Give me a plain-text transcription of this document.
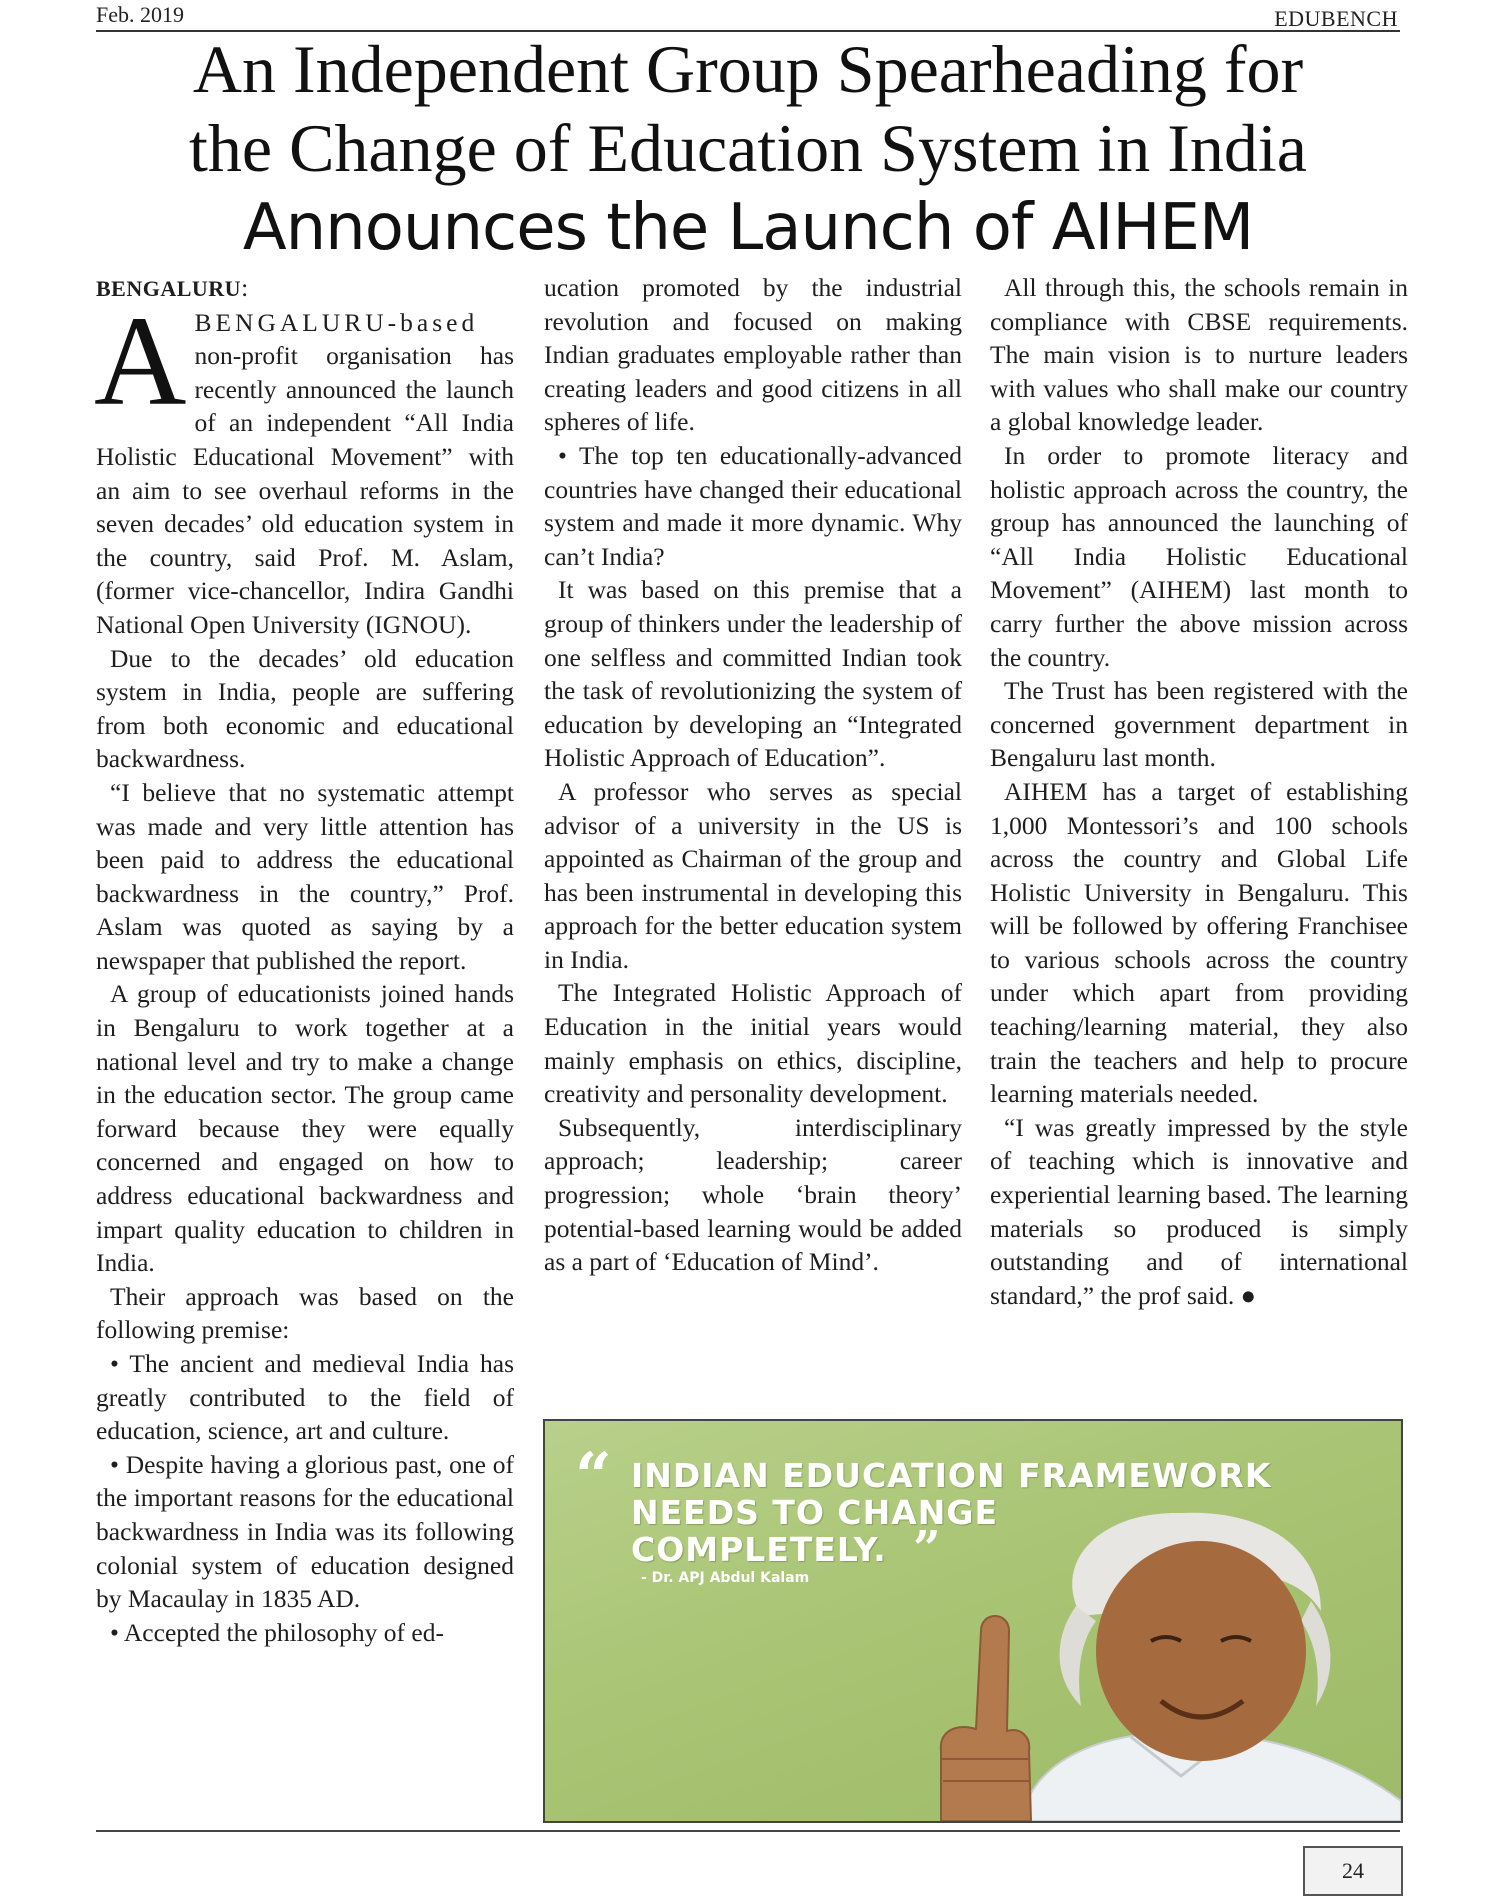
Feb. 2019	EDUBENCH
An Independent Group Spearheading for
the Change of Education System in India
Announces the Launch of AIHEM

BENGALURU:

A BENGALURU-based non-profit organisation has recently announced the launch of an independent “All India Holistic Educational Movement” with an aim to see overhaul reforms in the seven decades’ old education system in the country, said Prof. M. Aslam, (former vice-chancellor, Indira Gandhi National Open University (IGNOU).

Due to the decades’ old education system in India, people are suffering from both economic and educational backwardness.

“I believe that no systematic attempt was made and very little attention has been paid to address the educational backwardness in the country,” Prof. Aslam was quoted as saying by a newspaper that published the report.

A group of educationists joined hands in Bengaluru to work together at a national level and try to make a change in the education sector. The group came forward because they were equally concerned and engaged on how to address educational backwardness and impart quality education to children in India.

Their approach was based on the following premise:

• The ancient and medieval India has greatly contributed to the field of education, science, art and culture.

• Despite having a glorious past, one of the important reasons for the educational backwardness in India was its following colonial system of education designed by Macaulay in 1835 AD.

• Accepted the philosophy of ed-

ucation promoted by the industrial revolution and focused on making Indian graduates employable rather than creating leaders and good citizens in all spheres of life.

• The top ten educationally-advanced countries have changed their educational system and made it more dynamic. Why can’t India?

It was based on this premise that a group of thinkers under the leadership of one selfless and committed Indian took the task of revolutionizing the system of education by developing an “Integrated Holistic Approach of Education”.

A professor who serves as special advisor of a university in the US is appointed as Chairman of the group and has been instrumental in developing this approach for the better education system in India.

The Integrated Holistic Approach of Education in the initial years would mainly emphasis on ethics, discipline, creativity and personality development.

Subsequently, interdisciplinary approach; leadership; career progression; whole ‘brain theory’ potential-based learning would be added as a part of ‘Education of Mind’.

All through this, the schools remain in compliance with CBSE requirements. The main vision is to nurture leaders with values who shall make our country a global knowledge leader.

In order to promote literacy and holistic approach across the country, the group has announced the launching of “All India Holistic Educational Movement” (AIHEM) last month to carry further the above mission across the country.

The Trust has been registered with the concerned government department in Bengaluru last month.

AIHEM has a target of establishing 1,000 Montessori’s and 100 schools across the country and Global Life Holistic University in Bengaluru. This will be followed by offering Franchisee to various schools across the country under which apart from providing teaching/learning material, they also train the teachers and help to procure learning materials needed.

“I was greatly impressed by the style of teaching which is innovative and experiential learning based. The learning materials so produced is simply outstanding and of international standard,” the prof said. ●

“ INDIAN EDUCATION FRAMEWORK
NEEDS TO CHANGE
COMPLETELY. ”

- Dr. APJ Abdul Kalam

24
